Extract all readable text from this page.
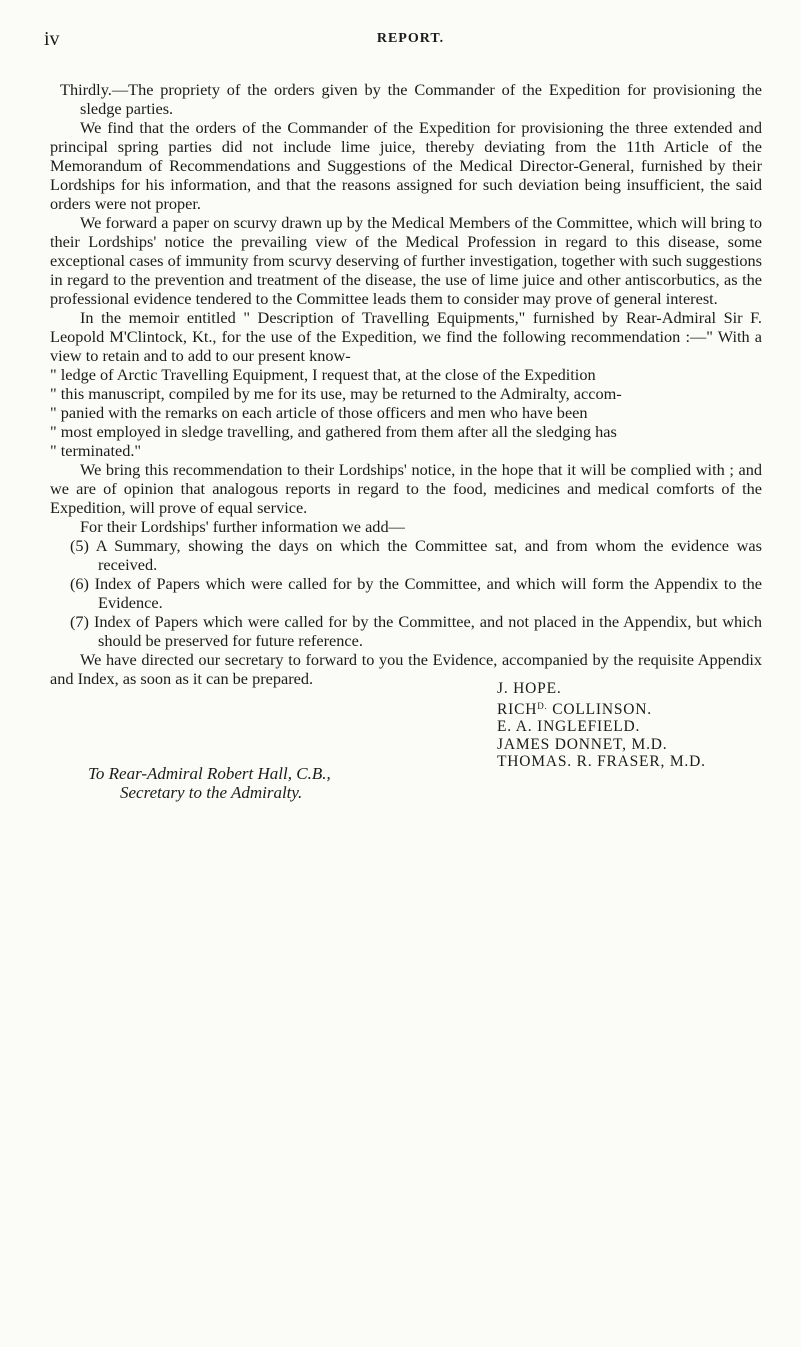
iv	REPORT.

Thirdly.—The propriety of the orders given by the Commander of the Expedition for provisioning the sledge parties.

We find that the orders of the Commander of the Expedition for provisioning the three extended and principal spring parties did not include lime juice, thereby deviating from the 11th Article of the Memorandum of Recommendations and Suggestions of the Medical Director-General, furnished by their Lordships for his information, and that the reasons assigned for such deviation being insufficient, the said orders were not proper.

We forward a paper on scurvy drawn up by the Medical Members of the Committee, which will bring to their Lordships' notice the prevailing view of the Medical Profession in regard to this disease, some exceptional cases of immunity from scurvy deserving of further investigation, together with such suggestions in regard to the prevention and treatment of the disease, the use of lime juice and other antiscorbutics, as the professional evidence tendered to the Committee leads them to consider may prove of general interest.

In the memoir entitled " Description of Travelling Equipments," furnished by Rear-Admiral Sir F. Leopold M'Clintock, Kt., for the use of the Expedition, we find the following recommendation :—" With a view to retain and to add to our present know-

" ledge of Arctic Travelling Equipment, I request that, at the close of the Expedition

" this manuscript, compiled by me for its use, may be returned to the Admiralty, accom-

" panied with the remarks on each article of those officers and men who have been

" most employed in sledge travelling, and gathered from them after all the sledging has

" terminated."

We bring this recommendation to their Lordships' notice, in the hope that it will be complied with ; and we are of opinion that analogous reports in regard to the food, medicines and medical comforts of the Expedition, will prove of equal service.

For their Lordships' further information we add—

(5) A Summary, showing the days on which the Committee sat, and from whom the evidence was received.
(6) Index of Papers which were called for by the Committee, and which will form the Appendix to the Evidence.
(7) Index of Papers which were called for by the Committee, and not placed in the Appendix, but which should be preserved for future reference.

We have directed our secretary to forward to you the Evidence, accompanied by the requisite Appendix and Index, as soon as it can be prepared.

J. HOPE.
$RICH^{D.}$ COLLINSON.
E. A. INGLEFIELD.
JAMES DONNET, M.D.
THOMAS. R. FRASER, M.D.
To Rear-Admiral Robert Hall, C.B.,
Secretary to the Admiralty.
